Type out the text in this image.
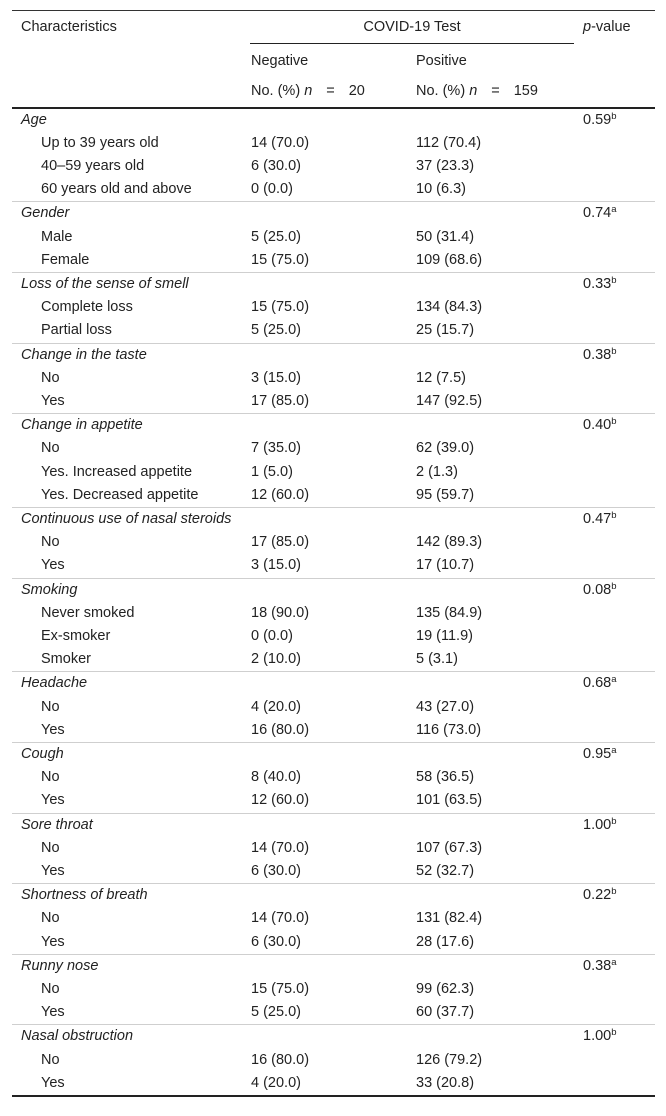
Characteristics	COVID-19 Test		p-value
	Negative	Positive	
	No. (%) n = 20	No. (%) n = 159	
Age			0.59$^b$
Up to 39 years old	14 (70.0)	112 (70.4)	
40–59 years old	6 (30.0)	37 (23.3)	
60 years old and above	0 (0.0)	10 (6.3)	
Gender			0.74$^a$
Male	5 (25.0)	50 (31.4)	
Female	15 (75.0)	109 (68.6)	
Loss of the sense of smell			0.33$^b$
Complete loss	15 (75.0)	134 (84.3)	
Partial loss	5 (25.0)	25 (15.7)	
Change in the taste			0.38$^b$
No	3 (15.0)	12 (7.5)	
Yes	17 (85.0)	147 (92.5)	
Change in appetite			0.40$^b$
No	7 (35.0)	62 (39.0)	
Yes. Increased appetite	1 (5.0)	2 (1.3)	
Yes. Decreased appetite	12 (60.0)	95 (59.7)	
Continuous use of nasal steroids			0.47$^b$
No	17 (85.0)	142 (89.3)	
Yes	3 (15.0)	17 (10.7)	
Smoking			0.08$^b$
Never smoked	18 (90.0)	135 (84.9)	
Ex-smoker	0 (0.0)	19 (11.9)	
Smoker	2 (10.0)	5 (3.1)	
Headache			0.68$^a$
No	4 (20.0)	43 (27.0)	
Yes	16 (80.0)	116 (73.0)	
Cough			0.95$^a$
No	8 (40.0)	58 (36.5)	
Yes	12 (60.0)	101 (63.5)	
Sore throat			1.00$^b$
No	14 (70.0)	107 (67.3)	
Yes	6 (30.0)	52 (32.7)	
Shortness of breath			0.22$^b$
No	14 (70.0)	131 (82.4)	
Yes	6 (30.0)	28 (17.6)	
Runny nose			0.38$^a$
No	15 (75.0)	99 (62.3)	
Yes	5 (25.0)	60 (37.7)	
Nasal obstruction			1.00$^b$
No	16 (80.0)	126 (79.2)	
Yes	4 (20.0)	33 (20.8)	
